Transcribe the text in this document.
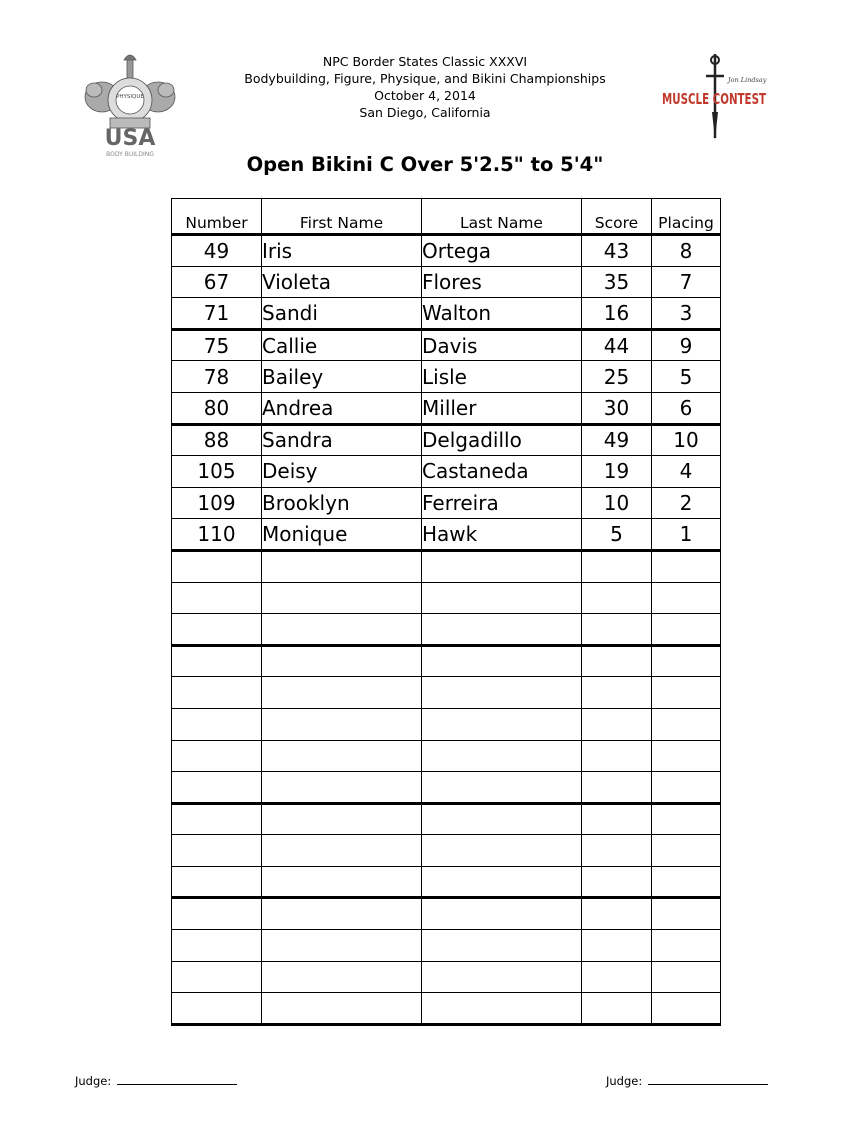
NPC Border States Classic XXXVI
Bodybuilding, Figure, Physique, and Bikini Championships
October 4, 2014
San Diego, California
PHYSIQUE
USA
BODY BUILDING
Jon Lindsay
MUSCLE CONTEST
Open Bikini C Over 5'2.5" to 5'4"
Number	First Name	Last Name	Score	Placing
49	Iris	Ortega	43	8
67	Violeta	Flores	35	7
71	Sandi	Walton	16	3
75	Callie	Davis	44	9
78	Bailey	Lisle	25	5
80	Andrea	Miller	30	6
88	Sandra	Delgadillo	49	10
105	Deisy	Castaneda	19	4
109	Brooklyn	Ferreira	10	2
110	Monique	Hawk	5	1

Judge:	Judge:
